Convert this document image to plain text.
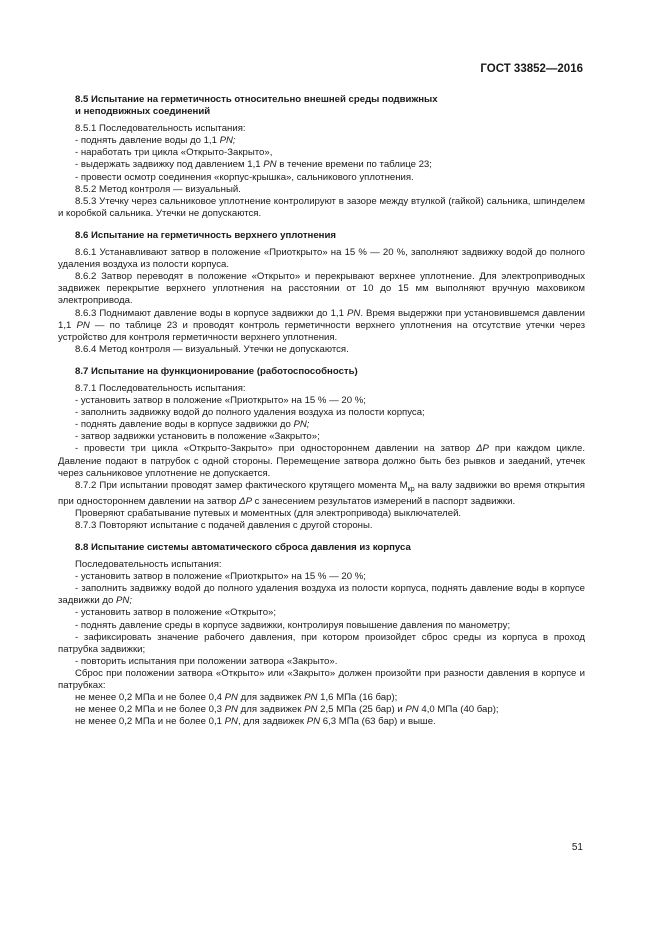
ГОСТ 33852—2016

8.5 Испытание на герметичность относительно внешней среды подвижных
и неподвижных соединений

8.5.1 Последовательность испытания:

- поднять давление воды до 1,1 PN;

- наработать три цикла «Открыто-Закрыто»,

- выдержать задвижку под давлением 1,1 PN в течение времени по таблице 23;

- провести осмотр соединения «корпус-крышка», сальникового уплотнения.

8.5.2 Метод контроля — визуальный.

8.5.3 Утечку через сальниковое уплотнение контролируют в зазоре между втулкой (гайкой) сальника, шпинделем и коробкой сальника. Утечки не допускаются.

8.6 Испытание на герметичность верхнего уплотнения

8.6.1 Устанавливают затвор в положение «Приоткрыто» на 15 % — 20 %, заполняют задвижку водой до полного удаления воздуха из полости корпуса.

8.6.2 Затвор переводят в положение «Открыто» и перекрывают верхнее уплотнение. Для электроприводных задвижек перекрытие верхнего уплотнения на расстоянии от 10 до 15 мм выполняют вручную маховиком электропривода.

8.6.3 Поднимают давление воды в корпусе задвижки до 1,1 PN. Время выдержки при установившемся давлении 1,1 PN — по таблице 23 и проводят контроль герметичности верхнего уплотнения на отсутствие утечки через устройство для контроля герметичности верхнего уплотнения.

8.6.4 Метод контроля — визуальный. Утечки не допускаются.

8.7 Испытание на функционирование (работоспособность)

8.7.1 Последовательность испытания:

- установить затвор в положение «Приоткрыто» на 15 % — 20 %;

- заполнить задвижку водой до полного удаления воздуха из полости корпуса;

- поднять давление воды в корпусе задвижки до PN;

- затвор задвижки установить в положение «Закрыто»;

- провести три цикла «Открыто-Закрыто» при одностороннем давлении на затвор ΔP при каждом цикле. Давление подают в патрубок с одной стороны. Перемещение затвора должно быть без рывков и заеданий, утечек через сальниковое уплотнение не допускается.

8.7.2 При испытании проводят замер фактического крутящего момента $М_{кр}$ на валу задвижки во время открытия при одностороннем давлении на затвор ΔP с занесением результатов измерений в паспорт задвижки.

Проверяют срабатывание путевых и моментных (для электропривода) выключателей.

8.7.3 Повторяют испытание с подачей давления с другой стороны.

8.8 Испытание системы автоматического сброса давления из корпуса

Последовательность испытания:

- установить затвор в положение «Приоткрыто» на 15 % — 20 %;

- заполнить задвижку водой до полного удаления воздуха из полости корпуса, поднять давление воды в корпусе задвижки до PN;

- установить затвор в положение «Открыто»;

- поднять давление среды в корпусе задвижки, контролируя повышение давления по манометру;

- зафиксировать значение рабочего давления, при котором произойдет сброс среды из корпуса в проход патрубка задвижки;

- повторить испытания при положении затвора «Закрыто».

Сброс при положении затвора «Открыто» или «Закрыто» должен произойти при разности давления в корпусе и патрубках:

не менее 0,2 МПа и не более 0,4 PN для задвижек PN 1,6 МПа (16 бар);

не менее 0,2 МПа и не более 0,3 PN для задвижек PN 2,5 МПа (25 бар) и PN 4,0 МПа (40 бар);

не менее 0,2 МПа и не более 0,1 PN, для задвижек PN 6,3 МПа (63 бар) и выше.

51
